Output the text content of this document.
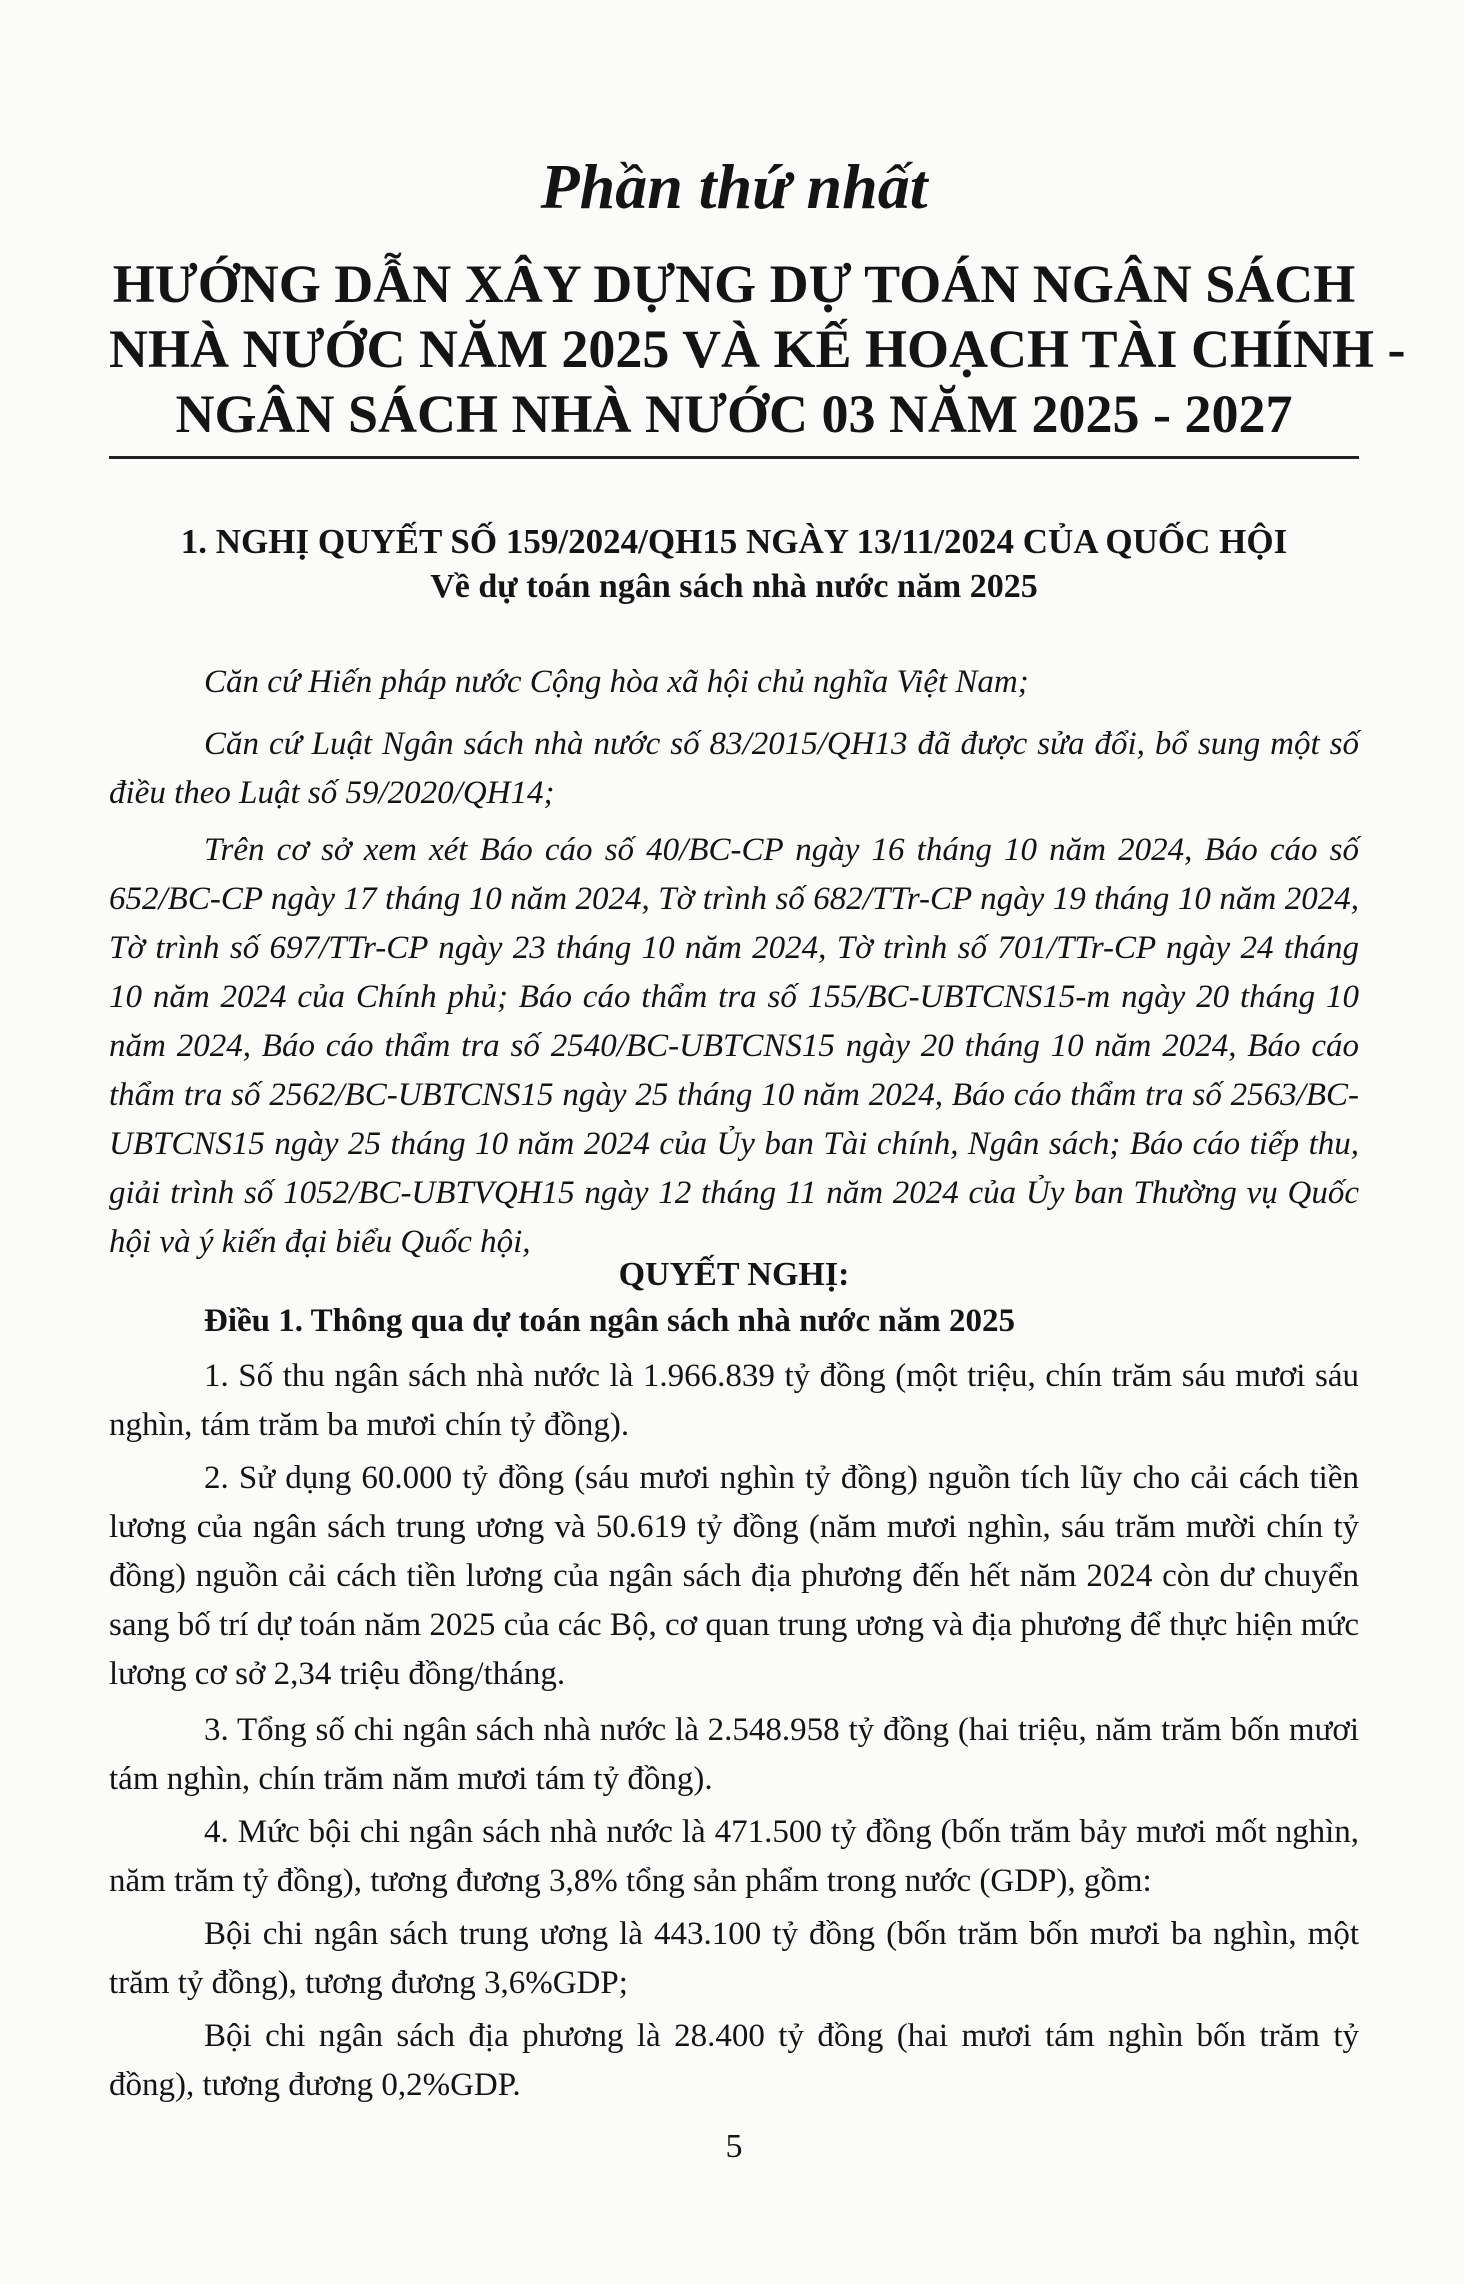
Phần thứ nhất
HƯỚNG DẪN XÂY DỰNG DỰ TOÁN NGÂN SÁCH
NHÀ NƯỚC NĂM 2025 VÀ KẾ HOẠCH TÀI CHÍNH -
NGÂN SÁCH NHÀ NƯỚC 03 NĂM 2025 - 2027
1. NGHỊ QUYẾT SỐ 159/2024/QH15 NGÀY 13/11/2024 CỦA QUỐC HỘI
Về dự toán ngân sách nhà nước năm 2025

Căn cứ Hiến pháp nước Cộng hòa xã hội chủ nghĩa Việt Nam;

Căn cứ Luật Ngân sách nhà nước số 83/2015/QH13 đã được sửa đổi, bổ sung một số điều theo Luật số 59/2020/QH14;

Trên cơ sở xem xét Báo cáo số 40/BC-CP ngày 16 tháng 10 năm 2024, Báo cáo số 652/BC-CP ngày 17 tháng 10 năm 2024, Tờ trình số 682/TTr-CP ngày 19 tháng 10 năm 2024, Tờ trình số 697/TTr-CP ngày 23 tháng 10 năm 2024, Tờ trình số 701/TTr-CP ngày 24 tháng 10 năm 2024 của Chính phủ; Báo cáo thẩm tra số 155/BC-UBTCNS15-m ngày 20 tháng 10 năm 2024, Báo cáo thẩm tra số 2540/BC-UBTCNS15 ngày 20 tháng 10 năm 2024, Báo cáo thẩm tra số 2562/BC-UBTCNS15 ngày 25 tháng 10 năm 2024, Báo cáo thẩm tra số 2563/BC-UBTCNS15 ngày 25 tháng 10 năm 2024 của Ủy ban Tài chính, Ngân sách; Báo cáo tiếp thu, giải trình số 1052/BC-UBTVQH15 ngày 12 tháng 11 năm 2024 của Ủy ban Thường vụ Quốc hội và ý kiến đại biểu Quốc hội,

QUYẾT NGHỊ:
Điều 1. Thông qua dự toán ngân sách nhà nước năm 2025

1. Số thu ngân sách nhà nước là 1.966.839 tỷ đồng (một triệu, chín trăm sáu mươi sáu nghìn, tám trăm ba mươi chín tỷ đồng).

2. Sử dụng 60.000 tỷ đồng (sáu mươi nghìn tỷ đồng) nguồn tích lũy cho cải cách tiền lương của ngân sách trung ương và 50.619 tỷ đồng (năm mươi nghìn, sáu trăm mười chín tỷ đồng) nguồn cải cách tiền lương của ngân sách địa phương đến hết năm 2024 còn dư chuyển sang bố trí dự toán năm 2025 của các Bộ, cơ quan trung ương và địa phương để thực hiện mức lương cơ sở 2,34 triệu đồng/tháng.

3. Tổng số chi ngân sách nhà nước là 2.548.958 tỷ đồng (hai triệu, năm trăm bốn mươi tám nghìn, chín trăm năm mươi tám tỷ đồng).

4. Mức bội chi ngân sách nhà nước là 471.500 tỷ đồng (bốn trăm bảy mươi mốt nghìn, năm trăm tỷ đồng), tương đương 3,8% tổng sản phẩm trong nước (GDP), gồm:

Bội chi ngân sách trung ương là 443.100 tỷ đồng (bốn trăm bốn mươi ba nghìn, một trăm tỷ đồng), tương đương 3,6%GDP;

Bội chi ngân sách địa phương là 28.400 tỷ đồng (hai mươi tám nghìn bốn trăm tỷ đồng), tương đương 0,2%GDP.

5
